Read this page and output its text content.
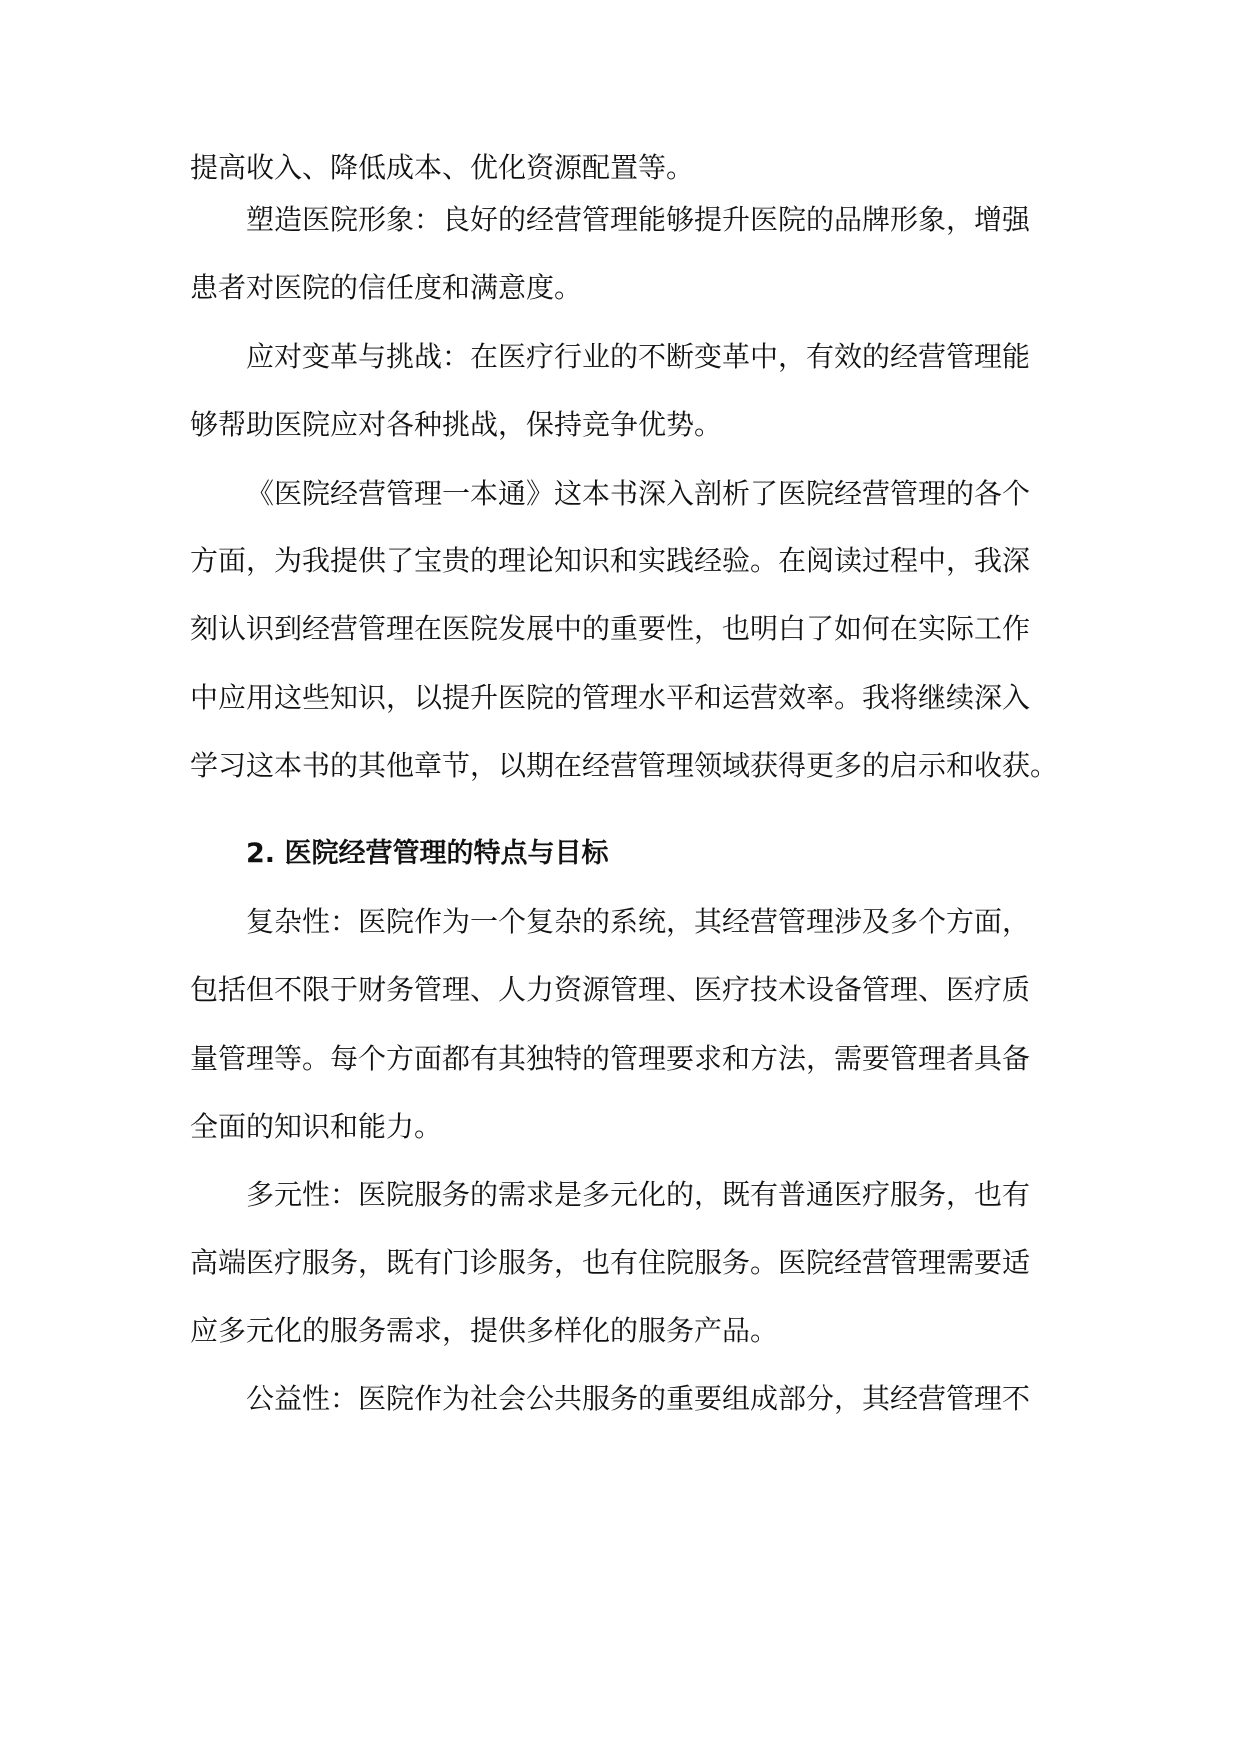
提高收入、降低成本、优化资源配置等。

塑造医院形象：良好的经营管理能够提升医院的品牌形象，增强

患者对医院的信任度和满意度。

应对变革与挑战：在医疗行业的不断变革中，有效的经营管理能

够帮助医院应对各种挑战，保持竞争优势。

《医院经营管理一本通》这本书深入剖析了医院经营管理的各个

方面，为我提供了宝贵的理论知识和实践经验。在阅读过程中，我深

刻认识到经营管理在医院发展中的重要性，也明白了如何在实际工作

中应用这些知识，以提升医院的管理水平和运营效率。我将继续深入

学习这本书的其他章节，以期在经营管理领域获得更多的启示和收获。

2. 医院经营管理的特点与目标

复杂性：医院作为一个复杂的系统，其经营管理涉及多个方面，

包括但不限于财务管理、人力资源管理、医疗技术设备管理、医疗质

量管理等。每个方面都有其独特的管理要求和方法，需要管理者具备

全面的知识和能力。

多元性：医院服务的需求是多元化的，既有普通医疗服务，也有

高端医疗服务，既有门诊服务，也有住院服务。医院经营管理需要适

应多元化的服务需求，提供多样化的服务产品。

公益性：医院作为社会公共服务的重要组成部分，其经营管理不
